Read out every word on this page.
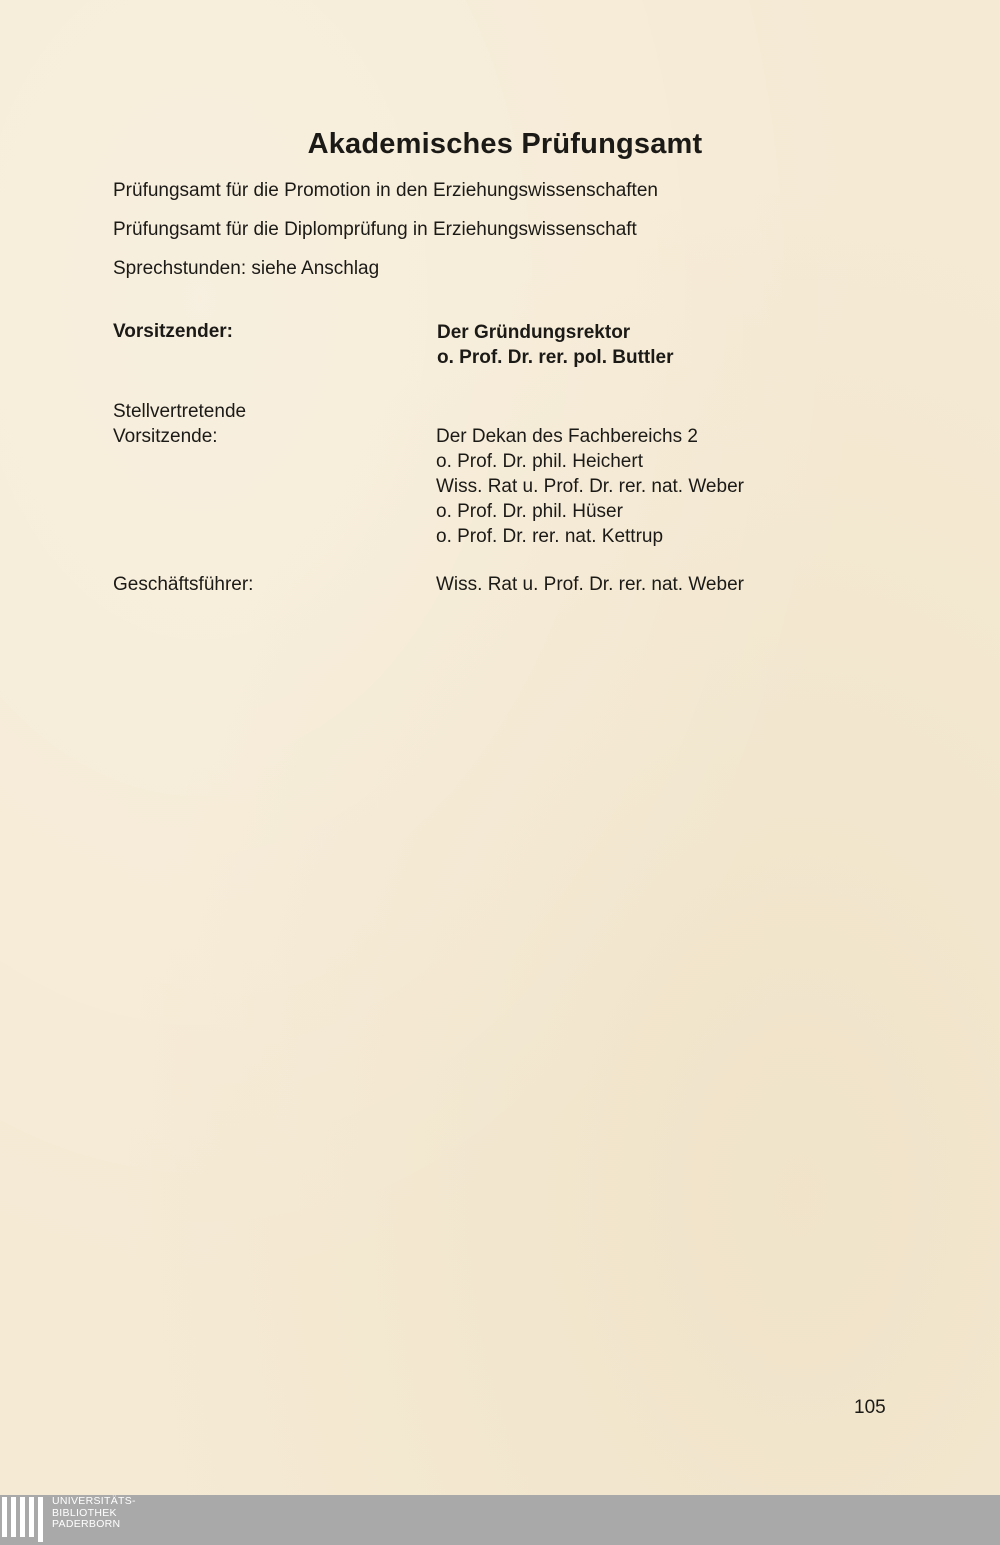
Akademisches Prüfungsamt
Prüfungsamt für die Promotion in den Erziehungswissenschaften
Prüfungsamt für die Diplomprüfung in Erziehungswissenschaft
Sprechstunden: siehe Anschlag
Vorsitzender:	Der Gründungsrektor
o. Prof. Dr. rer. pol. Buttler
Stellvertretende
Vorsitzende:	Der Dekan des Fachbereichs 2
o. Prof. Dr. phil. Heichert
Wiss. Rat u. Prof. Dr. rer. nat. Weber
o. Prof. Dr. phil. Hüser
o. Prof. Dr. rer. nat. Kettrup
Geschäftsführer:	Wiss. Rat u. Prof. Dr. rer. nat. Weber
105
UNIVERSITÄTS-
BIBLIOTHEK
PADERBORN
